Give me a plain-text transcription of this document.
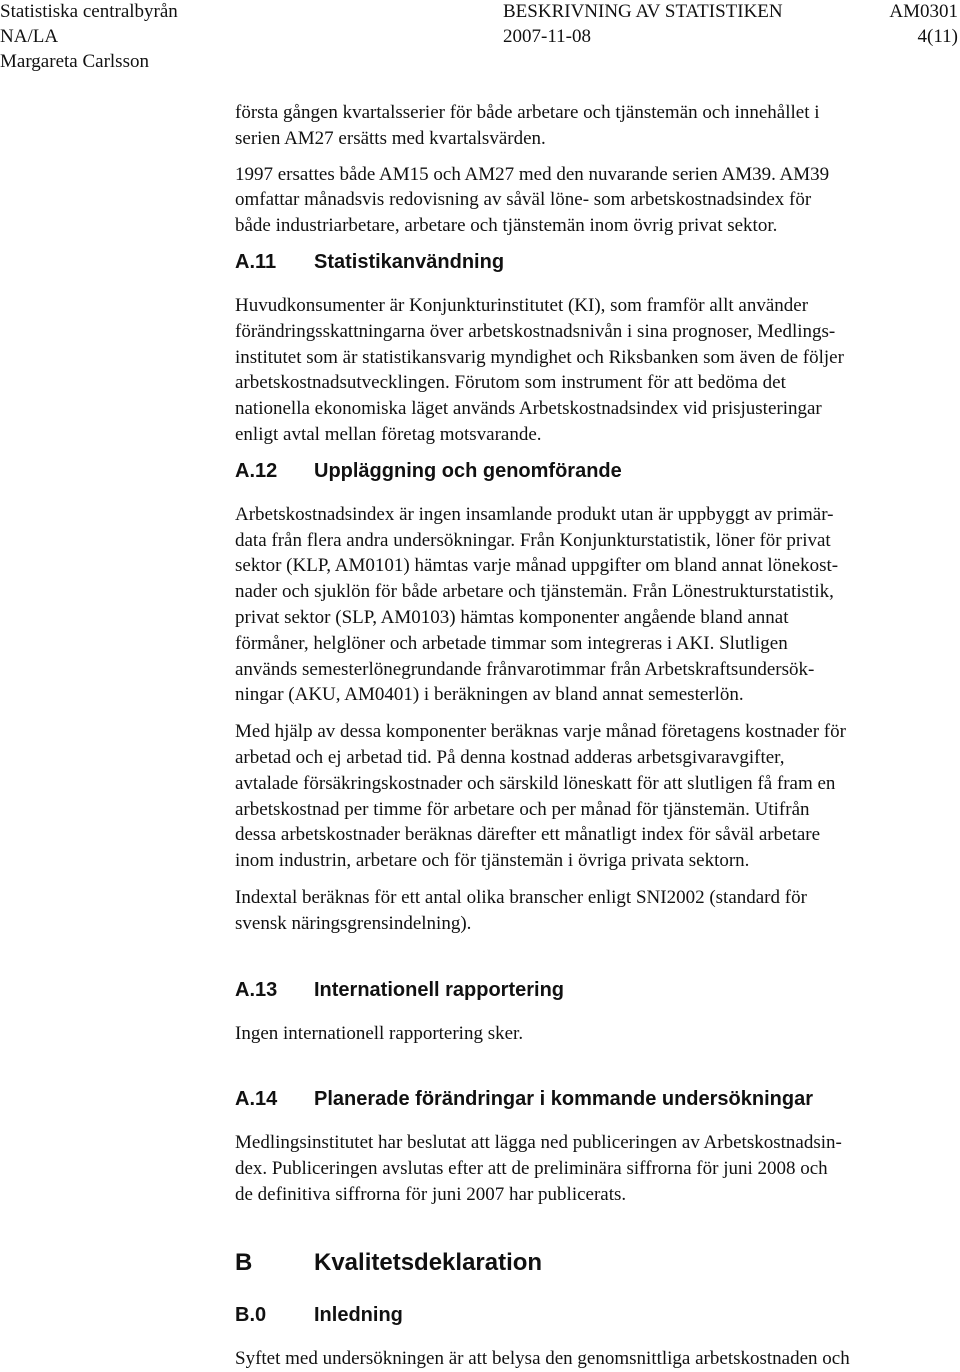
Statistiska centralbyrån	BESKRIVNING AV STATISTIKEN	AM0301
NA/LA	2007-11-08	4(11)
Margareta Carlsson

första gången kvartalsserier för både arbetare och tjänstemän och innehållet i
serien AM27 ersätts med kvartalsvärden.

1997 ersattes både AM15 och AM27 med den nuvarande serien AM39. AM39
omfattar månadsvis redovisning av såväl löne- som arbetskostnadsindex för
både industriarbetare, arbetare och tjänstemän inom övrig privat sektor.

A.11	Statistikanvändning

Huvudkonsumenter är Konjunkturinstitutet (KI), som framför allt använder
förändringsskattningarna över arbetskostnadsnivån i sina prognoser, Medlings-
institutet som är statistikansvarig myndighet och Riksbanken som även de följer
arbetskostnadsutvecklingen. Förutom som instrument för att bedöma det
nationella ekonomiska läget används Arbetskostnadsindex vid prisjusteringar
enligt avtal mellan företag motsvarande.

A.12	Uppläggning och genomförande

Arbetskostnadsindex är ingen insamlande produkt utan är uppbyggt av primär-
data från flera andra undersökningar. Från Konjunkturstatistik, löner för privat
sektor (KLP, AM0101) hämtas varje månad uppgifter om bland annat lönekost-
nader och sjuklön för både arbetare och tjänstemän. Från Lönestrukturstatistik,
privat sektor (SLP, AM0103) hämtas komponenter angående bland annat
förmåner, helglöner och arbetade timmar som integreras i AKI. Slutligen
används semesterlönegrundande frånvarotimmar från Arbetskraftsundersök-
ningar (AKU, AM0401) i beräkningen av bland annat semesterlön.

Med hjälp av dessa komponenter beräknas varje månad företagens kostnader för
arbetad och ej arbetad tid. På denna kostnad adderas arbetsgivaravgifter,
avtalade försäkringskostnader och särskild löneskatt för att slutligen få fram en
arbetskostnad per timme för arbetare och per månad för tjänstemän. Utifrån
dessa arbetskostnader beräknas därefter ett månatligt index för såväl arbetare
inom industrin, arbetare och för tjänstemän i övriga privata sektorn.

Indextal beräknas för ett antal olika branscher enligt SNI2002 (standard för
svensk näringsgrensindelning).

A.13	Internationell rapportering

Ingen internationell rapportering sker.

A.14	Planerade förändringar i kommande undersökningar

Medlingsinstitutet har beslutat att lägga ned publiceringen av Arbetskostnadsin-
dex. Publiceringen avslutas efter att de preliminära siffrorna för juni 2008 och
de definitiva siffrorna för juni 2007 har publicerats.

B	Kvalitetsdeklaration
B.0	Inledning

Syftet med undersökningen är att belysa den genomsnittliga arbetskostnaden och
